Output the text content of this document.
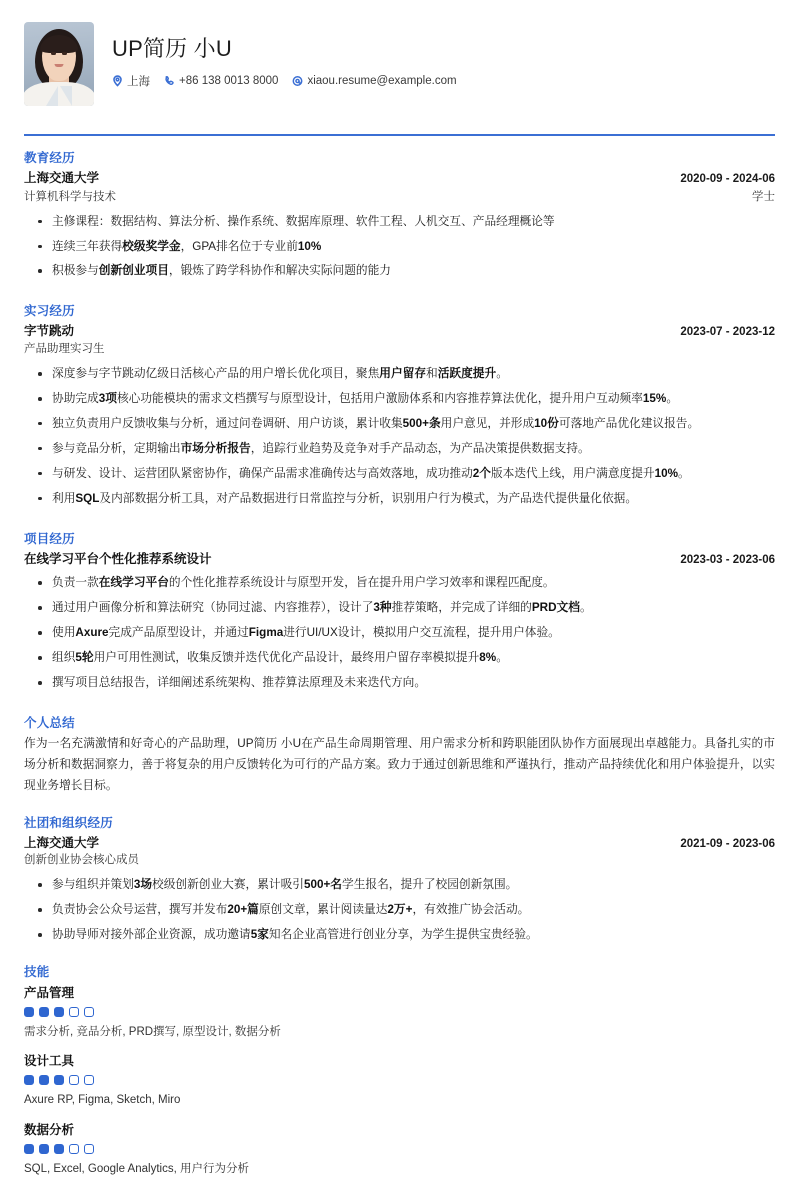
UP简历 小U
上海	+86 138 0013 8000	xiaou.resume@example.com
教育经历
上海交通大学	2020-09 - 2024-06
计算机科学与技术	学士
主修课程：数据结构、算法分析、操作系统、数据库原理、软件工程、人机交互、产品经理概论等
连续三年获得校级奖学金，GPA排名位于专业前10%
积极参与创新创业项目，锻炼了跨学科协作和解决实际问题的能力
实习经历
字节跳动	2023-07 - 2023-12
产品助理实习生
深度参与字节跳动亿级日活核心产品的用户增长优化项目，聚焦用户留存和活跃度提升。
协助完成3项核心功能模块的需求文档撰写与原型设计，包括用户激励体系和内容推荐算法优化，提升用户互动频率15%。
独立负责用户反馈收集与分析，通过问卷调研、用户访谈，累计收集500+条用户意见，并形成10份可落地产品优化建议报告。
参与竞品分析，定期输出市场分析报告，追踪行业趋势及竞争对手产品动态，为产品决策提供数据支持。
与研发、设计、运营团队紧密协作，确保产品需求准确传达与高效落地，成功推动2个版本迭代上线，用户满意度提升10%。
利用SQL及内部数据分析工具，对产品数据进行日常监控与分析，识别用户行为模式，为产品迭代提供量化依据。
项目经历
在线学习平台个性化推荐系统设计	2023-03 - 2023-06
负责一款在线学习平台的个性化推荐系统设计与原型开发，旨在提升用户学习效率和课程匹配度。
通过用户画像分析和算法研究（协同过滤、内容推荐），设计了3种推荐策略，并完成了详细的PRD文档。
使用Axure完成产品原型设计，并通过Figma进行UI/UX设计，模拟用户交互流程，提升用户体验。
组织5轮用户可用性测试，收集反馈并迭代优化产品设计，最终用户留存率模拟提升8%。
撰写项目总结报告，详细阐述系统架构、推荐算法原理及未来迭代方向。
个人总结
作为一名充满激情和好奇心的产品助理，UP简历 小U在产品生命周期管理、用户需求分析和跨职能团队协作方面展现出卓越能力。具备扎实的市场分析和数据洞察力，善于将复杂的用户反馈转化为可行的产品方案。致力于通过创新思维和严谨执行，推动产品持续优化和用户体验提升，以实现业务增长目标。
社团和组织经历
上海交通大学	2021-09 - 2023-06
创新创业协会核心成员
参与组织并策划3场校级创新创业大赛，累计吸引500+名学生报名，提升了校园创新氛围。
负责协会公众号运营，撰写并发布20+篇原创文章，累计阅读量达2万+，有效推广协会活动。
协助导师对接外部企业资源，成功邀请5家知名企业高管进行创业分享，为学生提供宝贵经验。
技能
产品管理
需求分析, 竞品分析, PRD撰写, 原型设计, 数据分析
设计工具
Axure RP, Figma, Sketch, Miro
数据分析
SQL, Excel, Google Analytics, 用户行为分析
